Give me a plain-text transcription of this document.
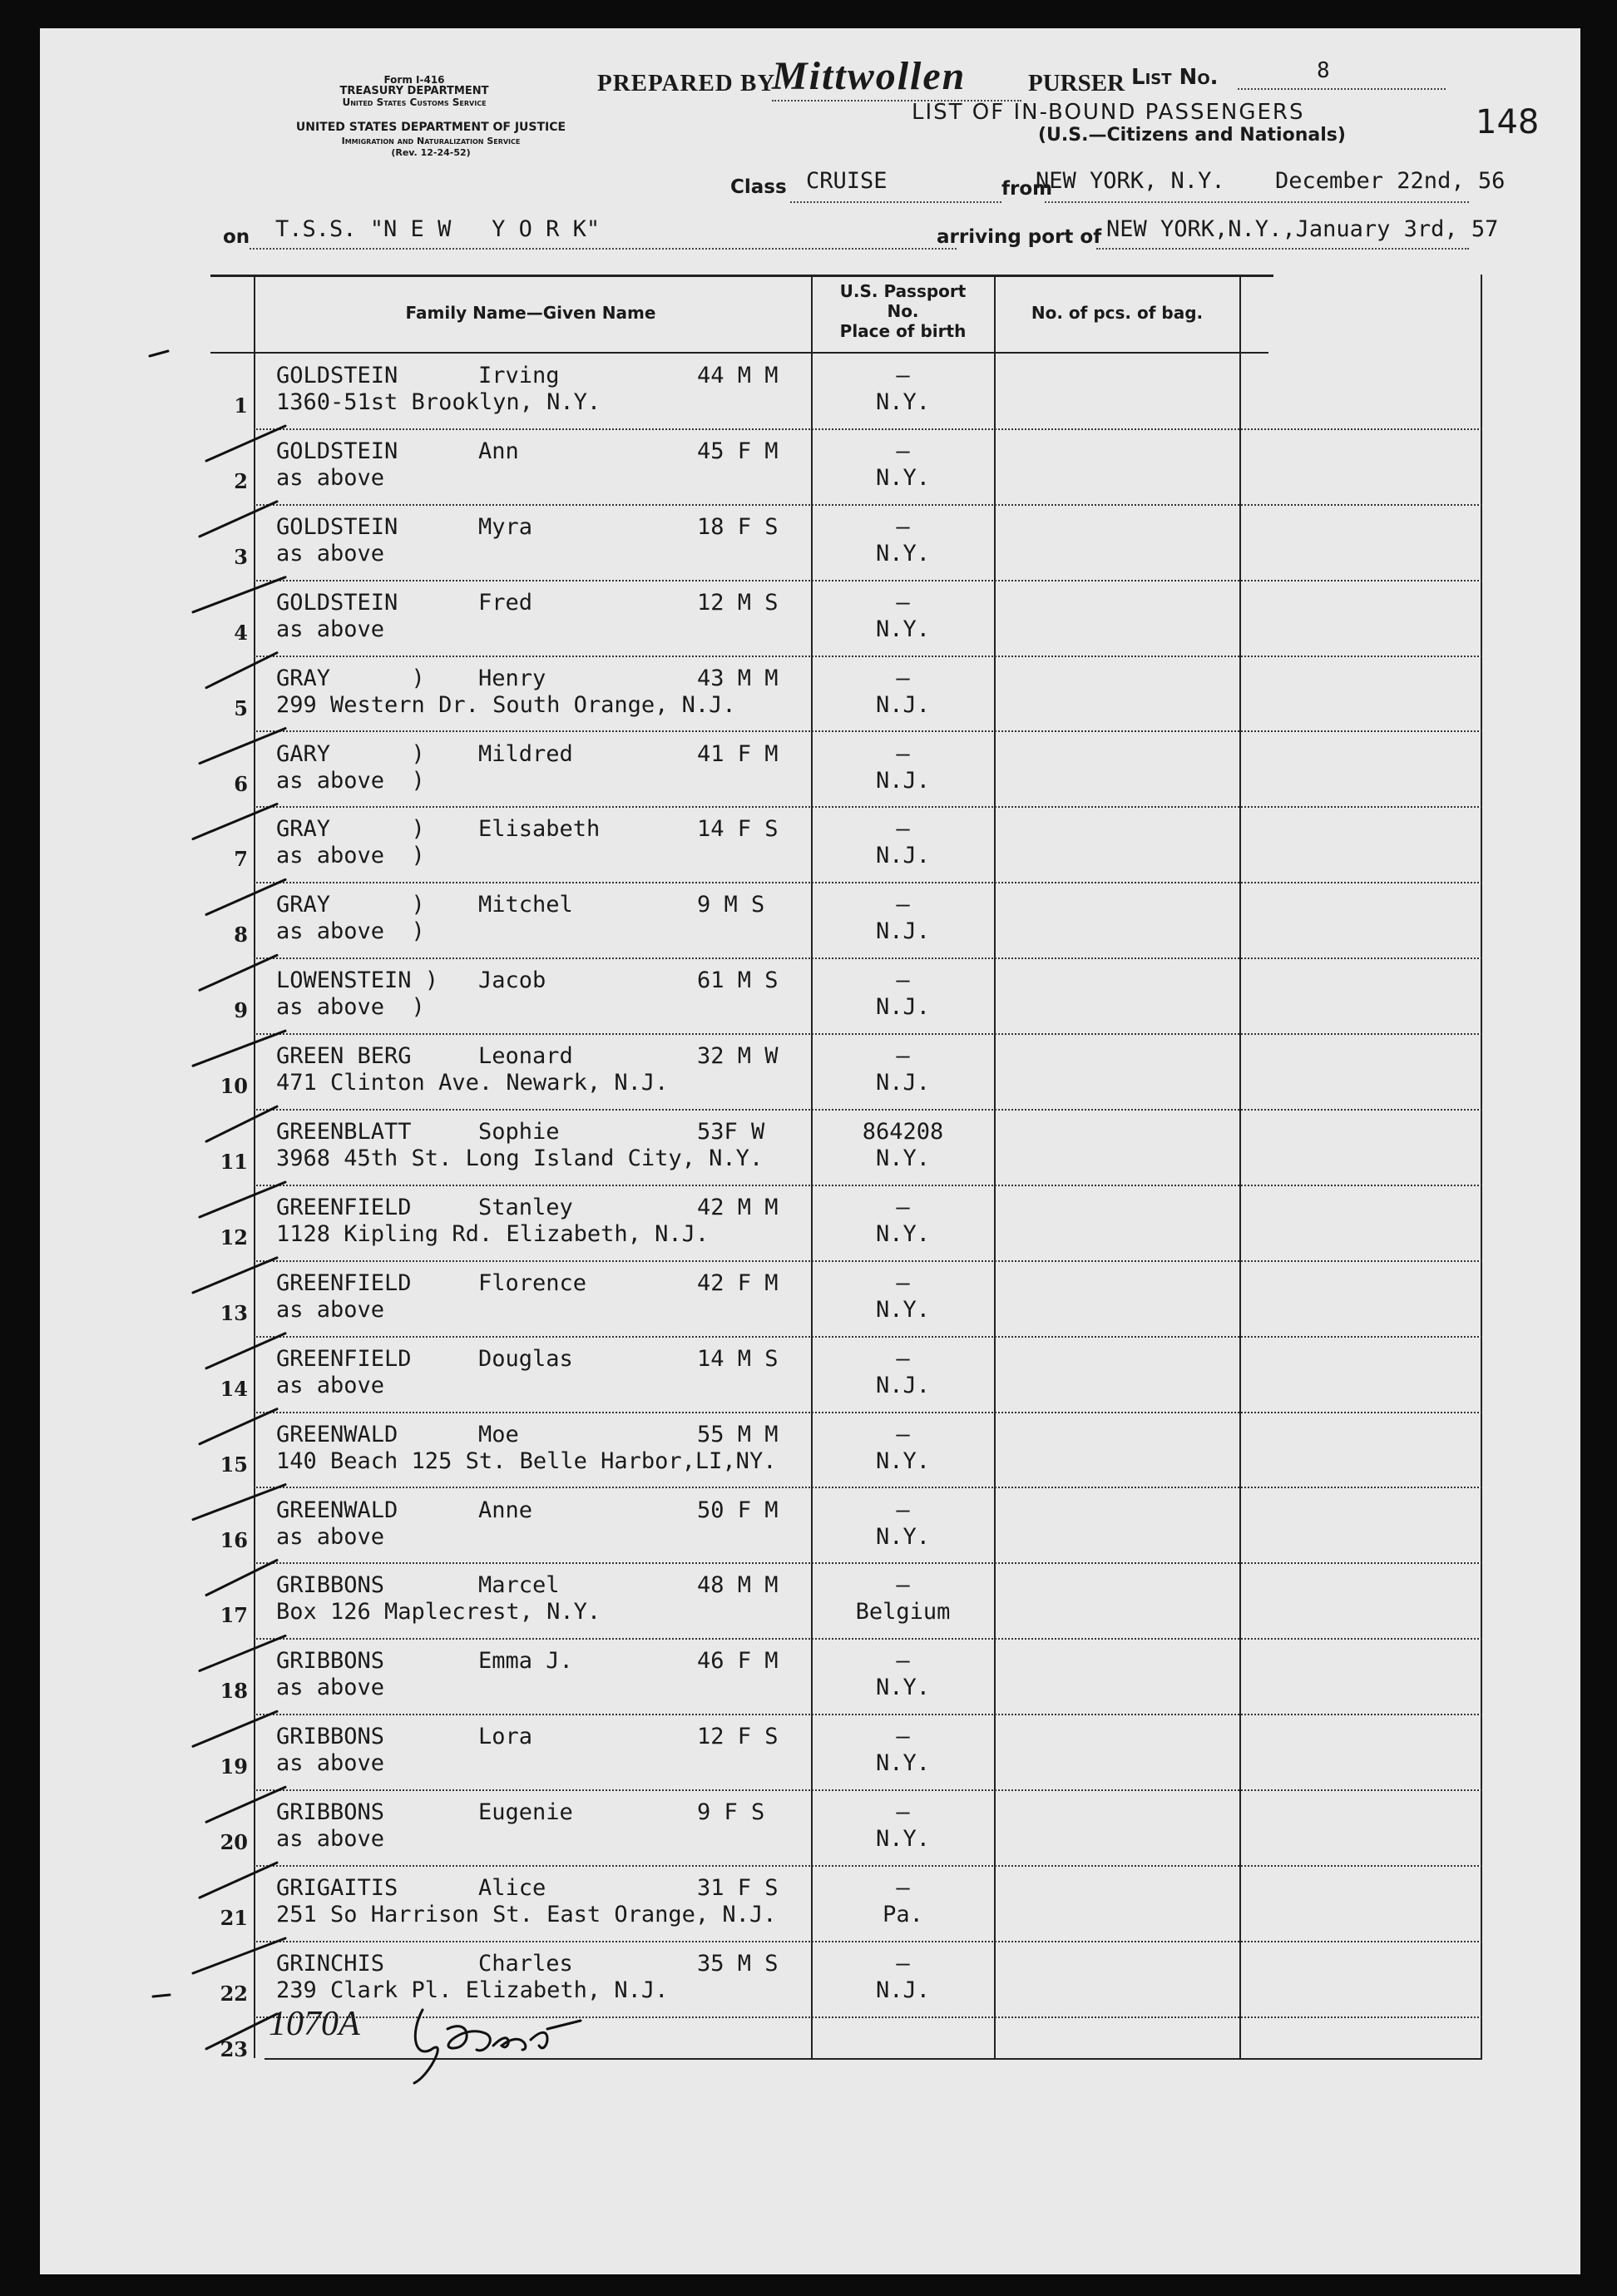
Form I-416
TREASURY DEPARTMENT
United States Customs Service
UNITED STATES DEPARTMENT OF JUSTICE
Immigration and Naturalization Service
(Rev. 12-24-52)
PREPARED BY
Mittwollen	PURSER List No.	8
LIST OF IN-BOUND PASSENGERS
(U.S.—Citizens and Nationals)	148
Class CRUISE	from
NEW YORK, N.Y. December 22nd, 56
on T.S.S. "N E W   Y O R K"	arriving port of NEW YORK,N.Y.,January 3rd, 57
Family Name—Given Name
U.S. Passport
No.
Place of birth
No. of pcs. of bag.
1
GOLDSTEIN	Irving	44 M M
1360-51st Brooklyn, N.Y.
–
N.Y.
2
GOLDSTEIN	Ann	45 F M
as above
–
N.Y.
3
GOLDSTEIN	Myra	18 F S
as above
–
N.Y.
4
GOLDSTEIN	Fred	12 M S
as above
–
N.Y.
5
GRAY      ) Henry	43 M M
299 Western Dr. South Orange, N.J.
–
N.J.
6
GARY      ) Mildred	41 F M
as above  )
–
N.J.
7
GRAY      ) Elisabeth	14 F S
as above  )
–
N.J.
8
GRAY      ) Mitchel	9 M S
as above  )
–
N.J.
9
LOWENSTEIN ) Jacob	61 M S
as above  )
–
N.J.
10
GREEN BERG	Leonard	32 M W
471 Clinton Ave. Newark, N.J.
–
N.J.
11
GREENBLATT	Sophie	53F W
3968 45th St. Long Island City, N.Y.
864208
N.Y.
12
GREENFIELD	Stanley	42 M M
1128 Kipling Rd. Elizabeth, N.J.
–
N.Y.
13
GREENFIELD	Florence	42 F M
as above
–
N.Y.
14
GREENFIELD	Douglas	14 M S
as above
–
N.J.
15
GREENWALD	Moe	55 M M
140 Beach 125 St. Belle Harbor,LI,NY.
–
N.Y.
16
GREENWALD	Anne	50 F M
as above
–
N.Y.
17
GRIBBONS	Marcel	48 M M
Box 126 Maplecrest, N.Y.
–
Belgium
18
GRIBBONS	Emma J.	46 F M
as above
–
N.Y.
19
GRIBBONS	Lora	12 F S
as above
–
N.Y.
20
GRIBBONS	Eugenie	9 F S
as above
–
N.Y.
21
GRIGAITIS	Alice	31 F S
251 So Harrison St. East Orange, N.J.
–
Pa.
22
GRINCHIS	Charles	35 M S
239 Clark Pl. Elizabeth, N.J.
–
N.J.
23
1070A
